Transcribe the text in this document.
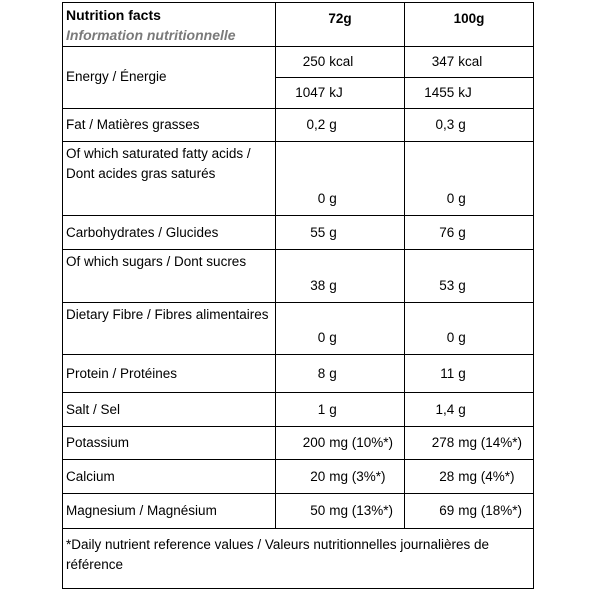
Nutrition facts
Information nutritionnelle	72g		100g	
Energy / Énergie	250	kcal	347	kcal
	1047	kJ	1455	kJ
Fat / Matières grasses	0,2	g	0,3	g
Of which saturated fatty acids / Dont acides gras saturés	0	g	0	g
Carbohydrates / Glucides	55	g	76	g
Of which sugars / Dont sucres	38	g	53	g
Dietary Fibre / Fibres alimentaires	0	g	0	g
Protein / Protéines	8	g	11	g
Salt / Sel	1	g	1,4	g
Potassium	200	mg (10%*)	278	mg (14%*)
Calcium	20	mg (3%*)	28	mg (4%*)
Magnesium / Magnésium	50	mg (13%*)	69	mg (18%*)
*Daily nutrient reference values / Valeurs nutritionnelles journalières de référence				
